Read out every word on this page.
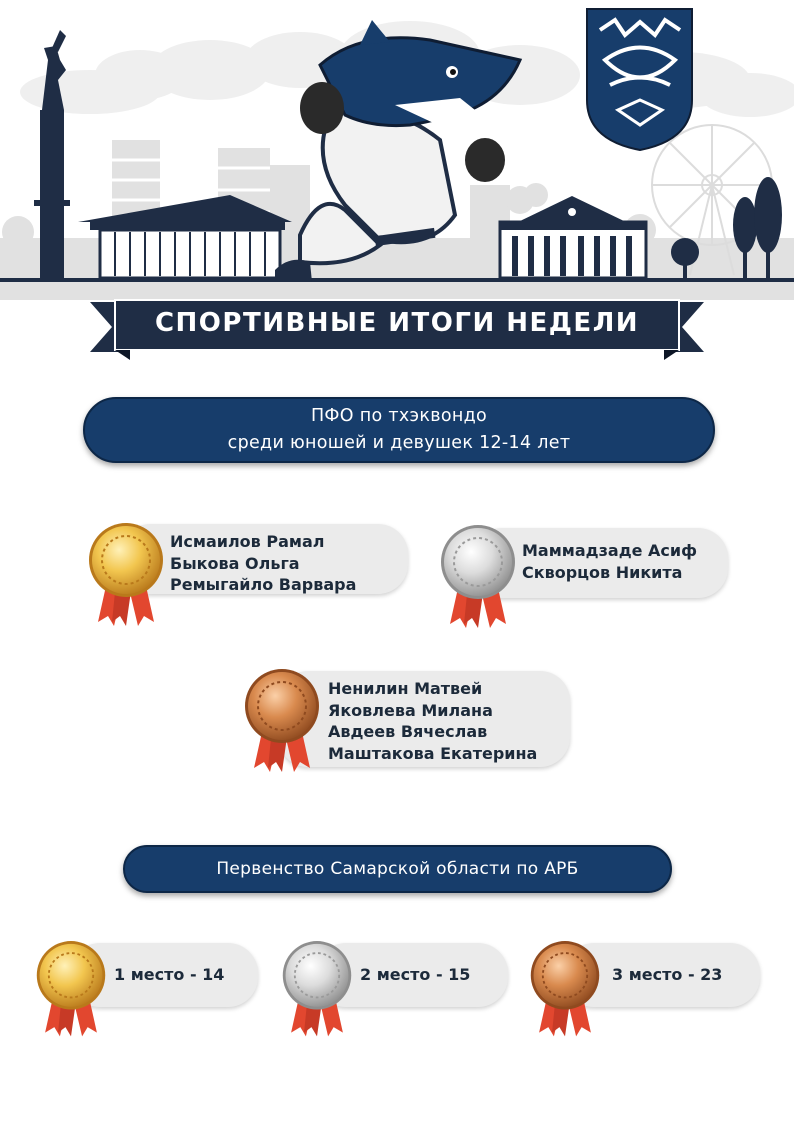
СПОРТИВНЫЕ ИТОГИ НЕДЕЛИ
ПФО по тхэквондо
среди юношей и девушек 12-14 лет
Исмаилов Рамал
Быкова Ольга
Ремыгайло Варвара
Маммадзаде Асиф
Скворцов Никита
Ненилин Матвей
Яковлева Милана
Авдеев Вячеслав
Маштакова Екатерина
Первенство Самарской области по АРБ
1 место - 14	2 место - 15	3 место - 23
